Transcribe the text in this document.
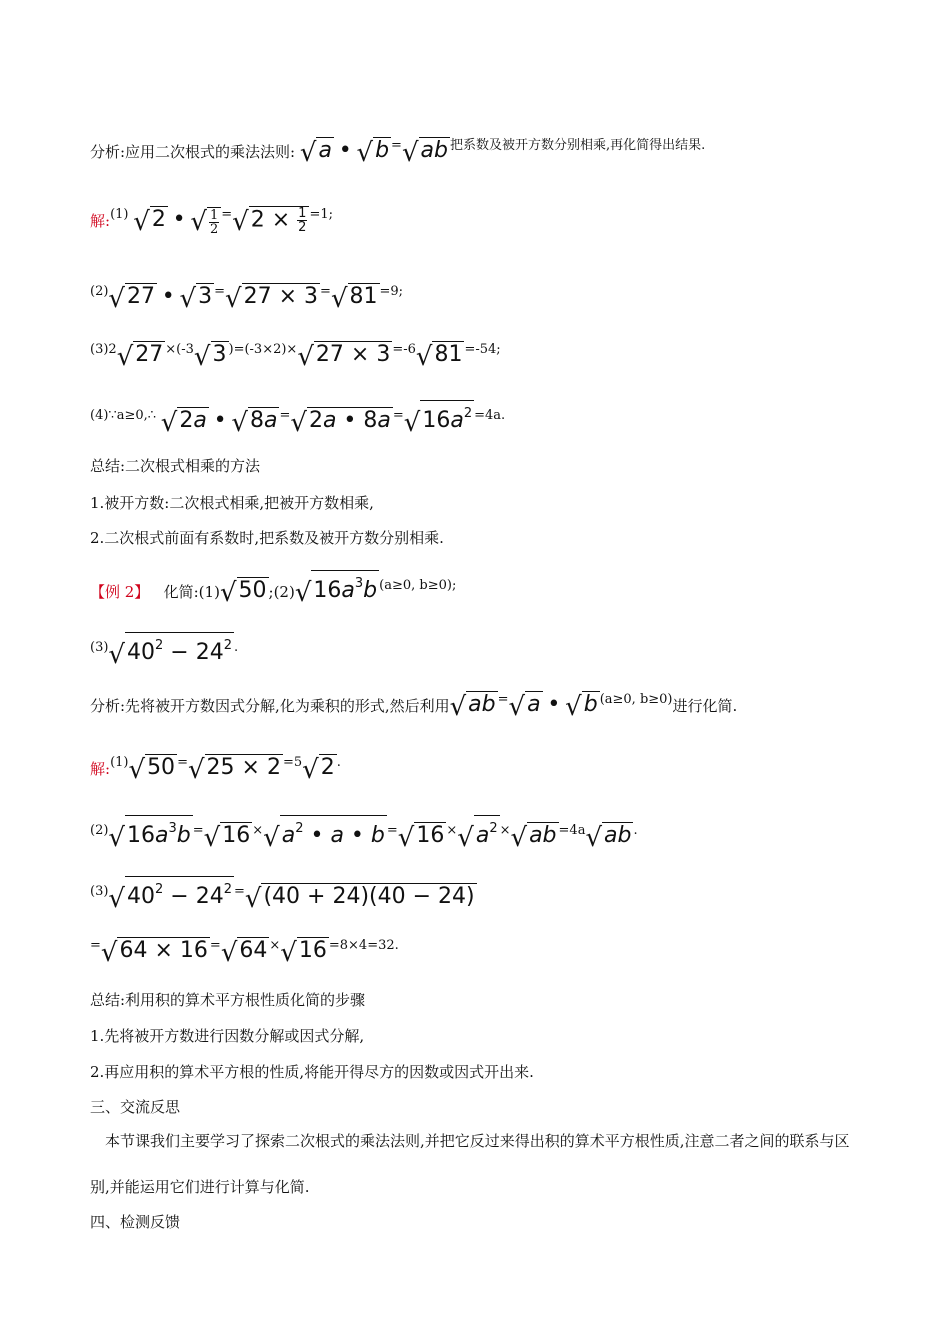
分析:应用二次根式的乘法法则: √a • √b =√ab 把系数及被开方数分别相乘,再化简得出结果.
解:(1) √2 • √ $\frac{1}{2} =√2 \times \frac{1}{2} =1$;
(2)√27 • √3 =√27 × 3 =√81 =9;
(3)2√27 ×(-3√3 )=(-3×2)×√27 × 3 =-6√81 =-54;
(4)∵a≥0,∴ √2a • √8a =√2a • $8a =√16a^2 =4a$.
总结:二次根式相乘的方法
1.被开方数:二次根式相乘,把被开方数相乘,
2.二次根式前面有系数时,把系数及被开方数分别相乘.
【例 2】 化简:(1)√50 $;(2)√16a^3b$ (a≥0, b≥0);
$(3)√40^2 - 24^2$ .
分析:先将被开方数因式分解,化为乘积的形式,然后利用√ab =√a • √b (a≥0, b≥0)进行化简.
解:(1)√50 =√25 × 2 =5√2 .
$(2)√16a^3b =√16 \times√a^2$ • a • $b =√16 \times√a^2 \times√ab =4a√ab$ .
$(3)√40^2 - 24^2 =√(40 + 24)(40 - 24)$
=√64 × 16 =√64 ×√16 =8×4=32.
总结:利用积的算术平方根性质化简的步骤
1.先将被开方数进行因数分解或因式分解,
2.再应用积的算术平方根的性质,将能开得尽方的因数或因式开出来.
三、交流反思
本节课我们主要学习了探索二次根式的乘法法则,并把它反过来得出积的算术平方根性质,注意二者之间的联系与区别,并能运用它们进行计算与化简.
四、检测反馈
